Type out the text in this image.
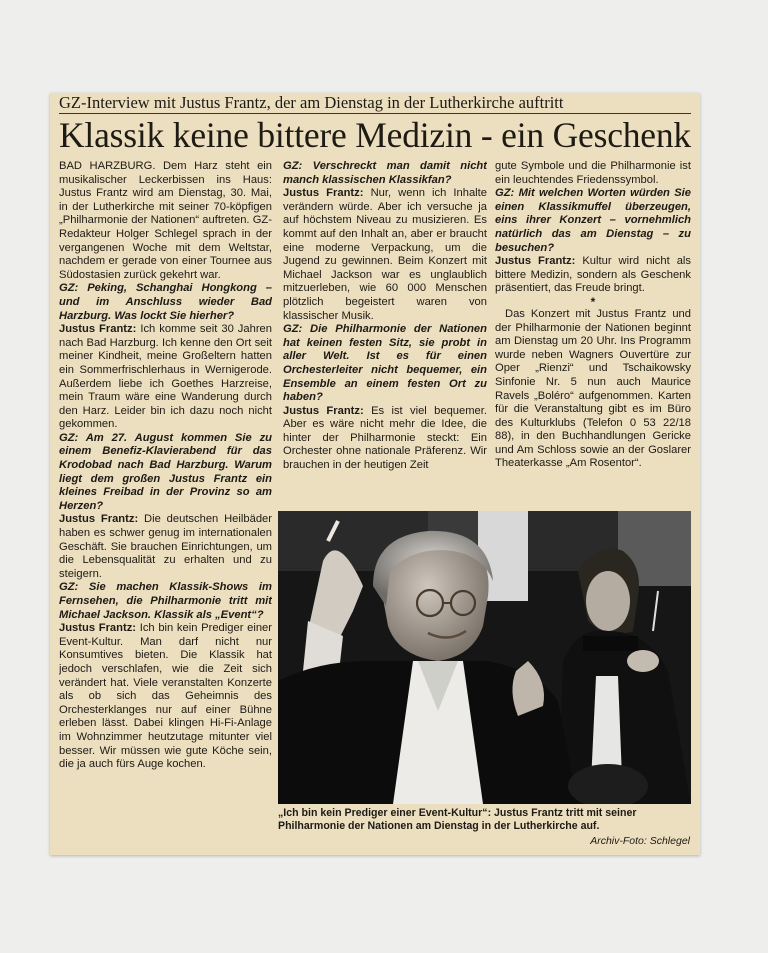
GZ-Interview mit Justus Frantz, der am Dienstag in der Lutherkirche auftritt
Klassik keine bittere Medizin - ein Geschenk

BAD HARZBURG. Dem Harz steht ein musikalischer Leckerbissen ins Haus: Justus Frantz wird am Dienstag, 30. Mai, in der Lutherkirche mit seiner 70-köpfigen „Philharmonie der Nationen“ auftreten. GZ-Redakteur Holger Schlegel sprach in der vergangenen Woche mit dem Weltstar, nachdem er gerade von einer Tournee aus Südostasien zurück gekehrt war.

GZ: Peking, Schanghai Hongkong – und im Anschluss wieder Bad Harzburg. Was lockt Sie hierher?

Justus Frantz: Ich komme seit 30 Jahren nach Bad Harzburg. Ich kenne den Ort seit meiner Kindheit, meine Großeltern hatten ein Sommerfrischlerhaus in Wernigerode. Außerdem liebe ich Goethes Harzreise, mein Traum wäre eine Wanderung durch den Harz. Leider bin ich dazu noch nicht gekommen.

GZ: Am 27. August kommen Sie zu einem Benefiz-Klavierabend für das Krodobad nach Bad Harzburg. Warum liegt dem großen Justus Frantz ein kleines Freibad in der Provinz so am Herzen?

Justus Frantz: Die deutschen Heilbäder haben es schwer genug im internationalen Geschäft. Sie brauchen Einrichtungen, um die Lebensqualität zu erhalten und zu steigern.

GZ: Sie machen Klassik-Shows im Fernsehen, die Philharmonie tritt mit Michael Jackson. Klassik als „Event“?

Justus Frantz: Ich bin kein Prediger einer Event-Kultur. Man darf nicht nur Konsumtives bieten. Die Klassik hat jedoch verschlafen, wie die Zeit sich verändert hat. Viele veranstalten Konzerte als ob sich das Geheimnis des Orchesterklanges nur auf einer Bühne erleben lässt. Dabei klingen Hi-Fi-Anlage im Wohnzimmer heutzutage mitunter viel besser. Wir müssen wie gute Köche sein, die ja auch fürs Auge kochen.

GZ: Verschreckt man damit nicht manch klassischen Klassikfan?

Justus Frantz: Nur, wenn ich Inhalte verändern würde. Aber ich versuche ja auf höchstem Niveau zu musizieren. Es kommt auf den Inhalt an, aber er braucht eine moderne Verpackung, um die Jugend zu gewinnen. Beim Konzert mit Michael Jackson war es unglaublich mitzuerleben, wie 60 000 Menschen plötzlich begeistert waren von klassischer Musik.

GZ: Die Philharmonie der Nationen hat keinen festen Sitz, sie probt in aller Welt. Ist es für einen Orchesterleiter nicht bequemer, ein Ensemble an einem festen Ort zu haben?

Justus Frantz: Es ist viel bequemer. Aber es wäre nicht mehr die Idee, die hinter der Philharmonie steckt: Ein Orchester ohne nationale Präferenz. Wir brauchen in der heutigen Zeit

gute Symbole und die Philharmonie ist ein leuchtendes Friedenssymbol.

GZ: Mit welchen Worten würden Sie einen Klassikmuffel überzeugen, eins ihrer Konzert – vornehmlich natürlich das am Dienstag – zu besuchen?

Justus Frantz: Kultur wird nicht als bittere Medizin, sondern als Geschenk präsentiert, das Freude bringt.

*

Das Konzert mit Justus Frantz und der Philharmonie der Nationen beginnt am Dienstag um 20 Uhr. Ins Programm wurde neben Wagners Ouvertüre zur Oper „Rienzi“ und Tschaikowsky Sinfonie Nr. 5 nun auch Maurice Ravels „Boléro“ aufgenommen. Karten für die Veranstaltung gibt es im Büro des Kulturklubs (Telefon 0 53 22/18 88), in den Buchhandlungen Gericke und Am Schloss sowie an der Goslarer Theaterkasse „Am Rosentor“.

„Ich bin kein Prediger einer Event-Kultur“: Justus Frantz tritt mit seiner Philharmonie der Nationen am Dienstag in der Lutherkirche auf.
Archiv-Foto: Schlegel
